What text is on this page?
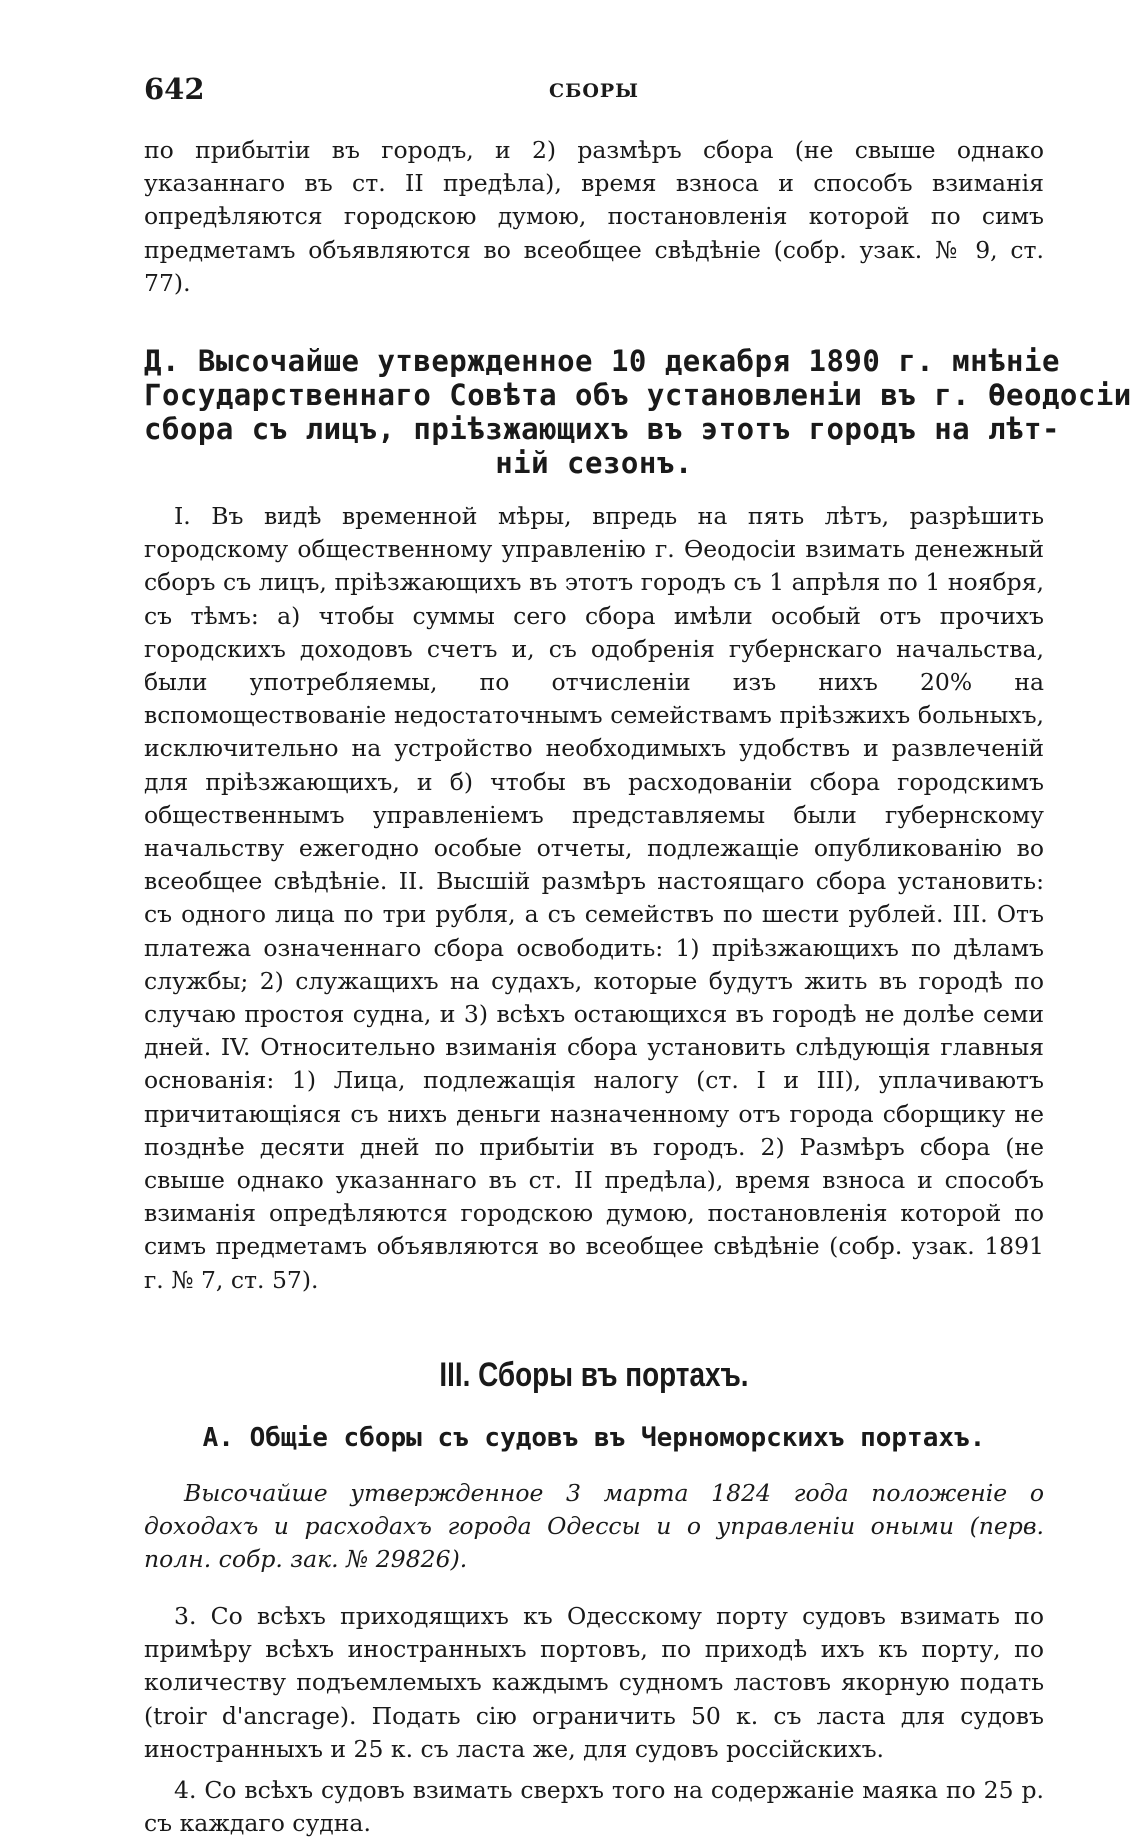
642	СБОРЫ

по прибытіи въ городъ, и 2) размѣръ сбора (не свыше однако указаннаго въ ст. II предѣла), время взноса и способъ взиманія опредѣляются городскою думою, постановленія которой по симъ предметамъ объявляются во всеобщее свѣдѣніе (собр. узак. № 9, ст. 77).

Д. Высочайше утвержденное 10 декабря 1890 г. мнѣніе
Государственнаго Совѣта объ установленіи въ г. Ѳеодосіи
сбора съ лицъ, пріѣзжающихъ въ этотъ городъ на лѣт-
ній сезонъ.

I. Въ видѣ временной мѣры, впредь на пять лѣтъ, разрѣшить городскому общественному управленію г. Ѳеодосіи взимать денежный сборъ съ лицъ, пріѣзжающихъ въ этотъ городъ съ 1 апрѣля по 1 ноября, съ тѣмъ: а) чтобы суммы сего сбора имѣли особый отъ прочихъ городскихъ доходовъ счетъ и, съ одобренія губернскаго начальства, были употребляемы, по отчисленіи изъ нихъ 20% на вспомоществованіе недостаточнымъ семействамъ пріѣзжихъ больныхъ, исключительно на устройство необходимыхъ удобствъ и развлеченій для пріѣзжающихъ, и б) чтобы въ расходованіи сбора городскимъ общественнымъ управленіемъ представляемы были губернскому начальству ежегодно особые отчеты, подлежащіе опубликованію во всеобщее свѣдѣніе. II. Высшій размѣръ настоящаго сбора установить: съ одного лица по три рубля, а съ семействъ по шести рублей. III. Отъ платежа означеннаго сбора освободить: 1) пріѣзжающихъ по дѣламъ службы; 2) служащихъ на судахъ, которые будутъ жить въ городѣ по случаю простоя судна, и 3) всѣхъ остающихся въ городѣ не долѣе семи дней. IV. Относительно взиманія сбора установить слѣдующія главныя основанія: 1) Лица, подлежащія налогу (ст. I и III), уплачиваютъ причитающіяся съ нихъ деньги назначенному отъ города сборщику не позднѣе десяти дней по прибытіи въ городъ. 2) Размѣръ сбора (не свыше однако указаннаго въ ст. II предѣла), время взноса и способъ взиманія опредѣляются городскою думою, постановленія которой по симъ предметамъ объявляются во всеобщее свѣдѣніе (собр. узак. 1891 г. № 7, ст. 57).

III. Сборы въ портахъ.
А. Общіе сборы съ судовъ въ Черноморскихъ портахъ.

Высочайше утвержденное 3 марта 1824 года положеніе о доходахъ и расходахъ города Одессы и о управленіи оными (перв. полн. собр. зак. № 29826).

3. Со всѣхъ приходящихъ къ Одесскому порту судовъ взимать по примѣру всѣхъ иностранныхъ портовъ, по приходѣ ихъ къ порту, по количеству подъемлемыхъ каждымъ судномъ ластовъ якорную подать (troir d'ancrage). Подать сію ограничить 50 к. съ ласта для судовъ иностранныхъ и 25 к. съ ласта же, для судовъ россійскихъ.

4. Со всѣхъ судовъ взимать сверхъ того на содержаніе маяка по 25 р. съ каждаго судна.
